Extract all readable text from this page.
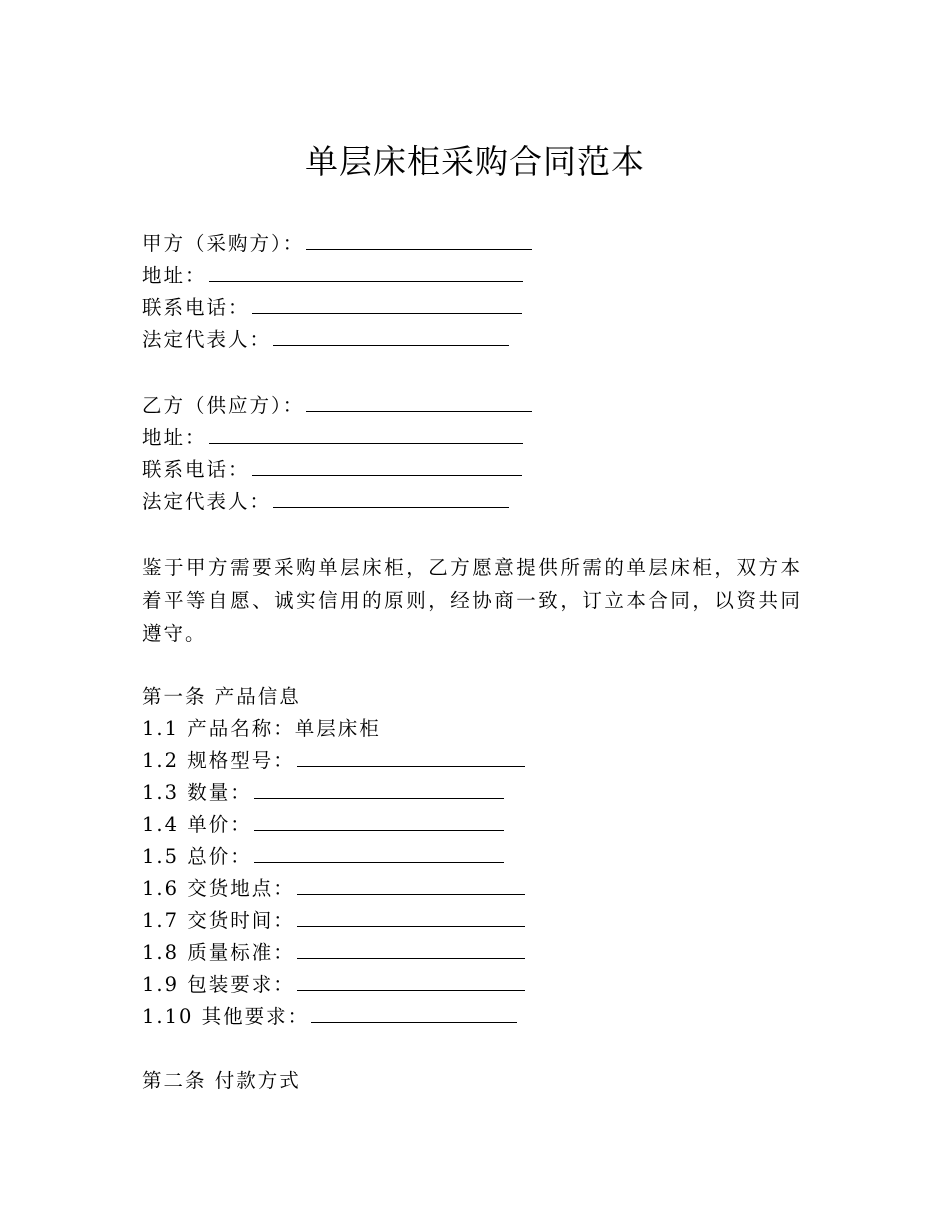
单层床柜采购合同范本
甲方（采购方）：
地址：
联系电话：
法定代表人：
乙方（供应方）：
地址：
联系电话：
法定代表人：
鉴于甲方需要采购单层床柜，乙方愿意提供所需的单层床柜，双方本着平等自愿、诚实信用的原则，经协商一致，订立本合同，以资共同遵守。
第一条 产品信息
1.1 产品名称：单层床柜
1.2 规格型号：
1.3 数量：
1.4 单价：
1.5 总价：
1.6 交货地点：
1.7 交货时间：
1.8 质量标准：
1.9 包装要求：
1.10 其他要求：
第二条 付款方式
